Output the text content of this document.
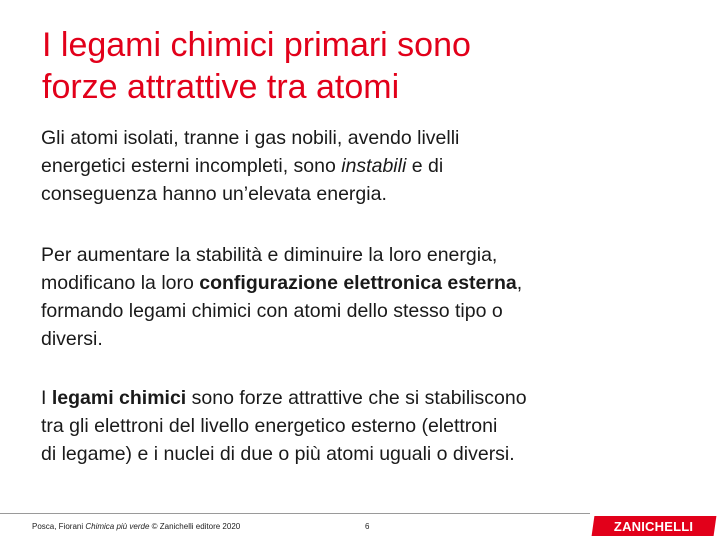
I legami chimici primari sono
forze attrattive tra atomi

Gli atomi isolati, tranne i gas nobili, avendo livelli
energetici esterni incompleti, sono instabili e di
conseguenza hanno un’elevata energia.

Per aumentare la stabilità e diminuire la loro energia,
modificano la loro configurazione elettronica esterna,
formando legami chimici con atomi dello stesso tipo o
diversi.

I legami chimici sono forze attrattive che si stabiliscono
tra gli elettroni del livello energetico esterno (elettroni
di legame) e i nuclei di due o più atomi uguali o diversi.

Posca, Fiorani Chimica più verde © Zanichelli editore 2020	6	ZANICHELLI
